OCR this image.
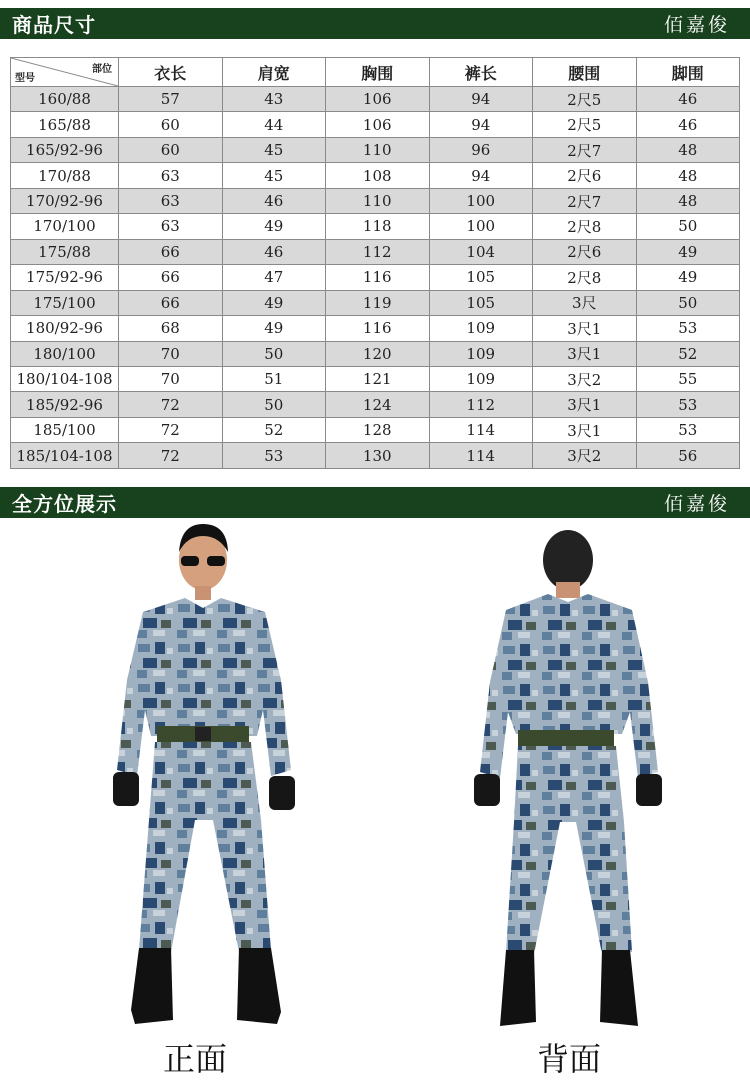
商品尺寸	佰嘉俊
部位
型号	衣长	肩宽	胸围	裤长	腰围	脚围
160/88	57	43	106	94	2尺5	46
165/88	60	44	106	94	2尺5	46
165/92-96	60	45	110	96	2尺7	48
170/88	63	45	108	94	2尺6	48
170/92-96	63	46	110	100	2尺7	48
170/100	63	49	118	100	2尺8	50
175/88	66	46	112	104	2尺6	49
175/92-96	66	47	116	105	2尺8	49
175/100	66	49	119	105	3尺	50
180/92-96	68	49	116	109	3尺1	53
180/100	70	50	120	109	3尺1	52
180/104-108	70	51	121	109	3尺2	55
185/92-96	72	50	124	112	3尺1	53
185/100	72	52	128	114	3尺1	53
185/104-108	72	53	130	114	3尺2	56
全方位展示	佰嘉俊
正面	背面
